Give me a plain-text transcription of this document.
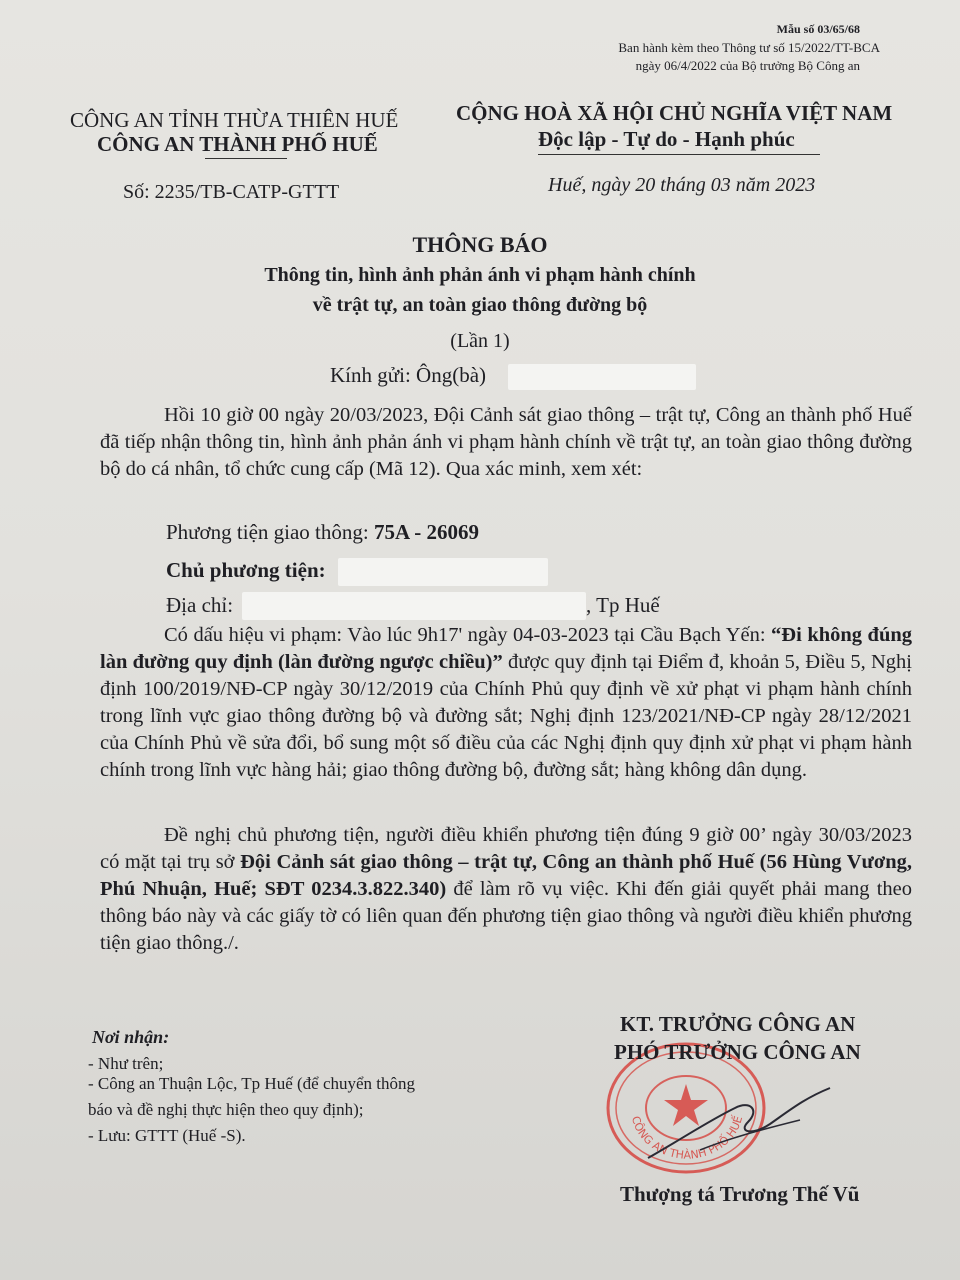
Mẫu số 03/65/68
Ban hành kèm theo Thông tư số 15/2022/TT-BCA
ngày 06/4/2022 của Bộ trưởng Bộ Công an
CÔNG AN TỈNH THỪA THIÊN HUẾ
CÔNG AN THÀNH PHỐ HUẾ
CỘNG HOÀ XÃ HỘI CHỦ NGHĨA VIỆT NAM
Độc lập - Tự do - Hạnh phúc
Số: 2235/TB-CATP-GTTT	Huế, ngày 20 tháng 03 năm 2023
THÔNG BÁO
Thông tin, hình ảnh phản ánh vi phạm hành chính
về trật tự, an toàn giao thông đường bộ
(Lần 1)
Kính gửi: Ông(bà)
Hồi 10 giờ 00 ngày 20/03/2023, Đội Cảnh sát giao thông – trật tự, Công an thành phố Huế đã tiếp nhận thông tin, hình ảnh phản ánh vi phạm hành chính về trật tự, an toàn giao thông đường bộ do cá nhân, tổ chức cung cấp (Mã 12). Qua xác minh, xem xét:
Phương tiện giao thông: 75A - 26069
Chủ phương tiện:
Địa chỉ:	, Tp Huế
Có dấu hiệu vi phạm: Vào lúc 9h17' ngày 04-03-2023 tại Cầu Bạch Yến: “Đi không đúng làn đường quy định (làn đường ngược chiều)” được quy định tại Điểm đ, khoản 5, Điều 5, Nghị định 100/2019/NĐ-CP ngày 30/12/2019 của Chính Phủ quy định về xử phạt vi phạm hành chính trong lĩnh vực giao thông đường bộ và đường sắt; Nghị định 123/2021/NĐ-CP ngày 28/12/2021 của Chính Phủ về sửa đổi, bổ sung một số điều của các Nghị định quy định xử phạt vi phạm hành chính trong lĩnh vực hàng hải; giao thông đường bộ, đường sắt; hàng không dân dụng.
Đề nghị chủ phương tiện, người điều khiển phương tiện đúng 9 giờ 00’ ngày 30/03/2023 có mặt tại trụ sở Đội Cảnh sát giao thông – trật tự, Công an thành phố Huế (56 Hùng Vương, Phú Nhuận, Huế; SĐT 0234.3.822.340) để làm rõ vụ việc. Khi đến giải quyết phải mang theo thông báo này và các giấy tờ có liên quan đến phương tiện giao thông và người điều khiển phương tiện giao thông./.
Nơi nhận:
- Như trên;
- Công an Thuận Lộc, Tp Huế (để chuyển thông
báo và đề nghị thực hiện theo quy định);
- Lưu: GTTT (Huế -S).
CÔNG AN THÀNH PHỐ HUẾ
KT. TRƯỞNG CÔNG AN
PHÓ TRƯỞNG CÔNG AN
Thượng tá Trương Thế Vũ
